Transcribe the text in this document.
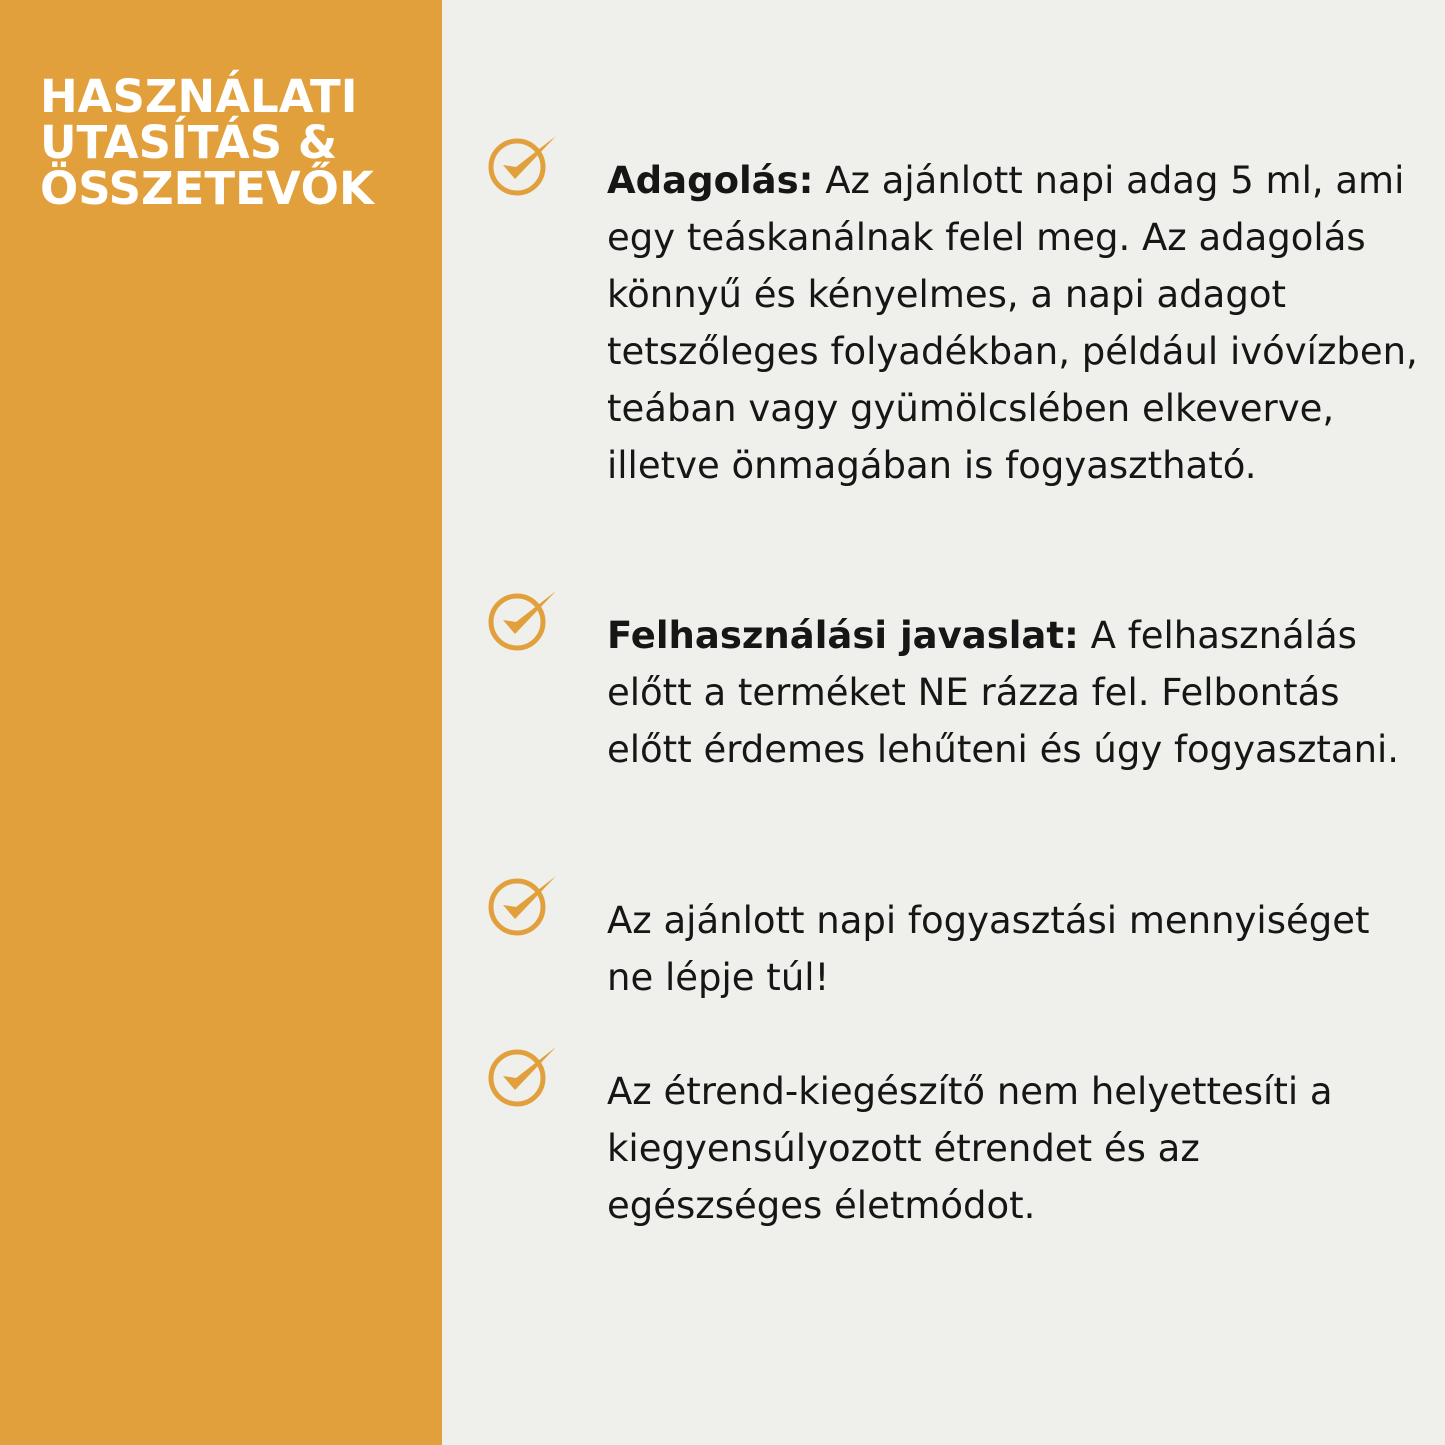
HASZNÁLATI
UTASÍTÁS &
ÖSSZETEVŐK	Adagolás: Az ajánlott napi adag 5 ml, ami egy teáskanálnak felel meg. Az adagolás könnyű és kényelmes, a napi adagot tetszőleges folyadékban, például ivóvízben, teában vagy gyümölcslében elkeverve, illetve önmagában is fogyasztható.

Felhasználási javaslat: A felhasználás előtt a terméket NE rázza fel. Felbontás előtt érdemes lehűteni és úgy fogyasztani.

Az ajánlott napi fogyasztási mennyiséget ne lépje túl!

Az étrend-kiegészítő nem helyettesíti a kiegyensúlyozott étrendet és az egészséges életmódot.
